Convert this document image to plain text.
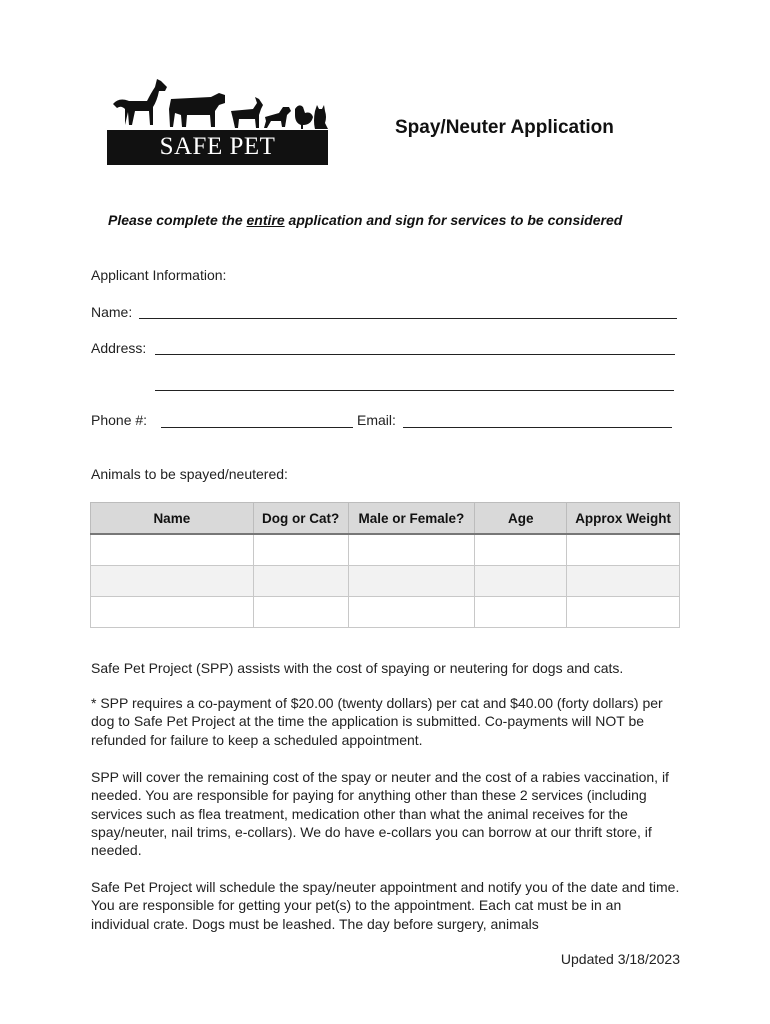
SAFE PET PROJECT
Spay/Neuter Application
Please complete the entire application and sign for services to be considered
Applicant Information:
Name:
Address:
Phone #:	Email:
Animals to be spayed/neutered:
Name	Dog or Cat?	Male or Female?	Age	Approx Weight

Safe Pet Project (SPP) assists with the cost of spaying or neutering for dogs and cats.

* SPP requires a co-payment of $20.00 (twenty dollars) per cat and $40.00 (forty dollars) per dog to Safe Pet Project at the time the application is submitted. Co-payments will NOT be refunded for failure to keep a scheduled appointment.

SPP will cover the remaining cost of the spay or neuter and the cost of a rabies vaccination, if needed. You are responsible for paying for anything other than these 2 services (including services such as flea treatment, medication other than what the animal receives for the spay/neuter, nail trims, e-collars). We do have e-collars you can borrow at our thrift store, if needed.

Safe Pet Project will schedule the spay/neuter appointment and notify you of the date and time. You are responsible for getting your pet(s) to the appointment. Each cat must be in an individual crate. Dogs must be leashed. The day before surgery, animals

Updated 3/18/2023
